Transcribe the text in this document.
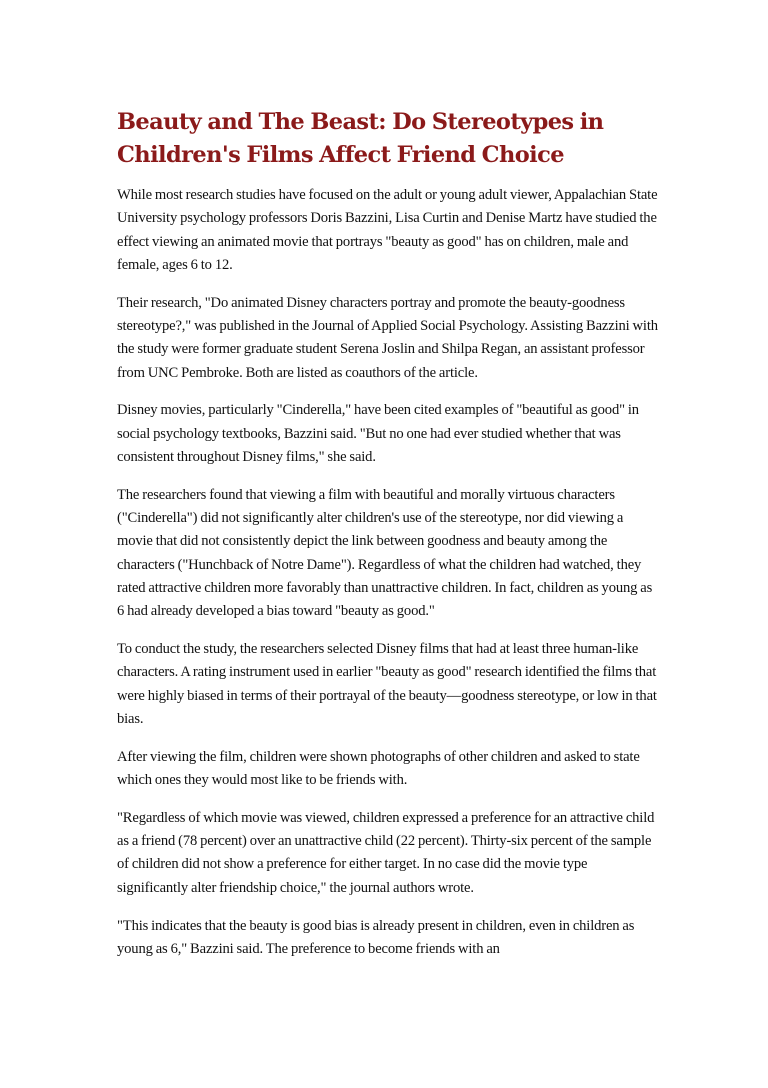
Beauty and The Beast: Do Stereotypes in Children's Films Affect Friend Choice

While most research studies have focused on the adult or young adult viewer, Appalachian State University psychology professors Doris Bazzini, Lisa Curtin and Denise Martz have studied the effect viewing an animated movie that portrays "beauty as good" has on children, male and female, ages 6 to 12.

Their research, "Do animated Disney characters portray and promote the beauty-goodness stereotype?," was published in the Journal of Applied Social Psychology. Assisting Bazzini with the study were former graduate student Serena Joslin and Shilpa Regan, an assistant professor from UNC Pembroke. Both are listed as coauthors of the article.

Disney movies, particularly "Cinderella," have been cited examples of "beautiful as good" in social psychology textbooks, Bazzini said. "But no one had ever studied whether that was consistent throughout Disney films," she said.

The researchers found that viewing a film with beautiful and morally virtuous characters ("Cinderella") did not significantly alter children's use of the stereotype, nor did viewing a movie that did not consistently depict the link between goodness and beauty among the characters ("Hunchback of Notre Dame"). Regardless of what the children had watched, they rated attractive children more favorably than unattractive children. In fact, children as young as 6 had already developed a bias toward "beauty as good."

To conduct the study, the researchers selected Disney films that had at least three human-like characters. A rating instrument used in earlier "beauty as good" research identified the films that were highly biased in terms of their portrayal of the beauty—goodness stereotype, or low in that bias.

After viewing the film, children were shown photographs of other children and asked to state which ones they would most like to be friends with.

"Regardless of which movie was viewed, children expressed a preference for an attractive child as a friend (78 percent) over an unattractive child (22 percent). Thirty-six percent of the sample of children did not show a preference for either target. In no case did the movie type significantly alter friendship choice," the journal authors wrote.

"This indicates that the beauty is good bias is already present in children, even in children as young as 6," Bazzini said. The preference to become friends with an
